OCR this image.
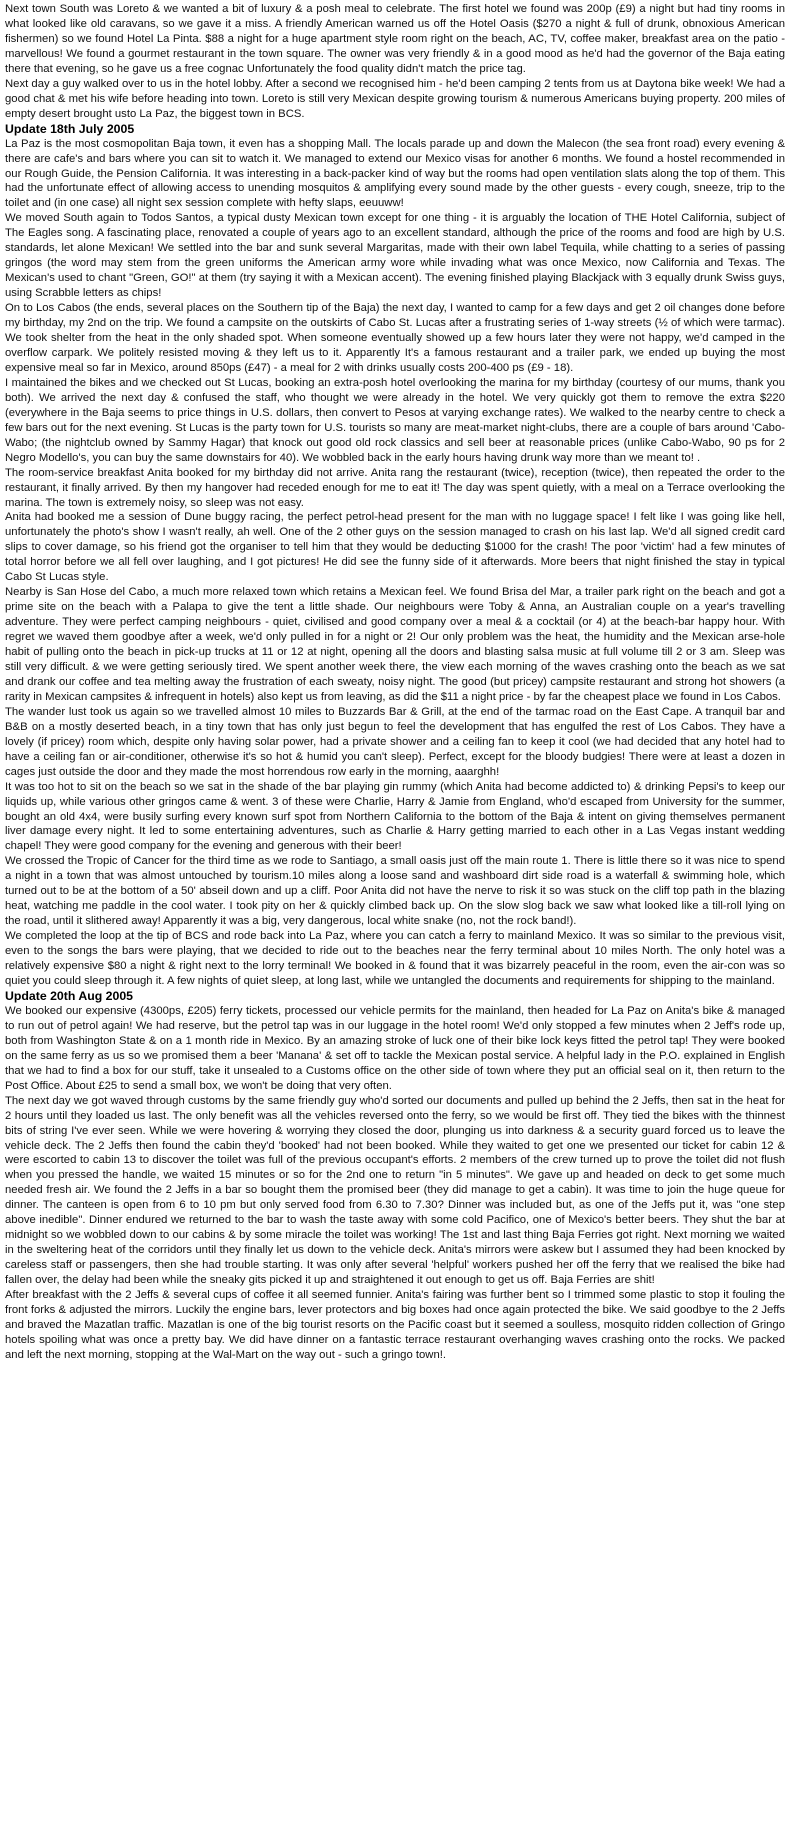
Next town South was Loreto & we wanted a bit of luxury & a posh meal to celebrate. The first hotel we found was 200p (£9) a night but had tiny rooms in what looked like old caravans, so we gave it a miss. A friendly American warned us off the Hotel Oasis ($270 a night & full of drunk, obnoxious American fishermen) so we found Hotel La Pinta. $88 a night for a huge apartment style room right on the beach, AC, TV, coffee maker, breakfast area on the patio - marvellous! We found a gourmet restaurant in the town square. The owner was very friendly & in a good mood as he'd had the governor of the Baja eating there that evening, so he gave us a free cognac Unfortunately the food quality didn't match the price tag.

Next day a guy walked over to us in the hotel lobby. After a second we recognised him - he'd been camping 2 tents from us at Daytona bike week! We had a good chat & met his wife before heading into town. Loreto is still very Mexican despite growing tourism & numerous Americans buying property. 200 miles of empty desert brought usto La Paz, the biggest town in BCS.

Update 18th July 2005

La Paz is the most cosmopolitan Baja town, it even has a shopping Mall. The locals parade up and down the Malecon (the sea front road) every evening & there are cafe's and bars where you can sit to watch it. We managed to extend our Mexico visas for another 6 months. We found a hostel recommended in our Rough Guide, the Pension California. It was interesting in a back-packer kind of way but the rooms had open ventilation slats along the top of them. This had the unfortunate effect of allowing access to unending mosquitos & amplifying every sound made by the other guests - every cough, sneeze, trip to the toilet and (in one case) all night sex session complete with hefty slaps, eeuuww!

We moved South again to Todos Santos, a typical dusty Mexican town except for one thing - it is arguably the location of THE Hotel California, subject of The Eagles song. A fascinating place, renovated a couple of years ago to an excellent standard, although the price of the rooms and food are high by U.S. standards, let alone Mexican! We settled into the bar and sunk several Margaritas, made with their own label Tequila, while chatting to a series of passing gringos (the word may stem from the green uniforms the American army wore while invading what was once Mexico, now California and Texas. The Mexican's used to chant "Green, GO!" at them (try saying it with a Mexican accent). The evening finished playing Blackjack with 3 equally drunk Swiss guys, using Scrabble letters as chips!

On to Los Cabos (the ends, several places on the Southern tip of the Baja) the next day, I wanted to camp for a few days and get 2 oil changes done before my birthday, my 2nd on the trip. We found a campsite on the outskirts of Cabo St. Lucas after a frustrating series of 1-way streets (½ of which were tarmac). We took shelter from the heat in the only shaded spot. When someone eventually showed up a few hours later they were not happy, we'd camped in the overflow carpark. We politely resisted moving & they left us to it. Apparently It's a famous restaurant and a trailer park, we ended up buying the most expensive meal so far in Mexico, around 850ps (£47) - a meal for 2 with drinks usually costs 200-400 ps (£9 - 18).

I maintained the bikes and we checked out St Lucas, booking an extra-posh hotel overlooking the marina for my birthday (courtesy of our mums, thank you both). We arrived the next day & confused the staff, who thought we were already in the hotel. We very quickly got them to remove the extra $220 (everywhere in the Baja seems to price things in U.S. dollars, then convert to Pesos at varying exchange rates). We walked to the nearby centre to check a few bars out for the next evening. St Lucas is the party town for U.S. tourists so many are meat-market night-clubs, there are a couple of bars around 'Cabo-Wabo; (the nightclub owned by Sammy Hagar) that knock out good old rock classics and sell beer at reasonable prices (unlike Cabo-Wabo, 90 ps for 2 Negro Modello's, you can buy the same downstairs for 40). We wobbled back in the early hours having drunk way more than we meant to! .

The room-service breakfast Anita booked for my birthday did not arrive. Anita rang the restaurant (twice), reception (twice), then repeated the order to the restaurant, it finally arrived. By then my hangover had receded enough for me to eat it! The day was spent quietly, with a meal on a Terrace overlooking the marina. The town is extremely noisy, so sleep was not easy.

Anita had booked me a session of Dune buggy racing, the perfect petrol-head present for the man with no luggage space! I felt like I was going like hell, unfortunately the photo's show I wasn't really, ah well. One of the 2 other guys on the session managed to crash on his last lap. We'd all signed credit card slips to cover damage, so his friend got the organiser to tell him that they would be deducting $1000 for the crash! The poor 'victim' had a few minutes of total horror before we all fell over laughing, and I got pictures! He did see the funny side of it afterwards. More beers that night finished the stay in typical Cabo St Lucas style.

Nearby is San Hose del Cabo, a much more relaxed town which retains a Mexican feel. We found Brisa del Mar, a trailer park right on the beach and got a prime site on the beach with a Palapa to give the tent a little shade. Our neighbours were Toby & Anna, an Australian couple on a year's travelling adventure. They were perfect camping neighbours - quiet, civilised and good company over a meal & a cocktail (or 4) at the beach-bar happy hour. With regret we waved them goodbye after a week, we'd only pulled in for a night or 2! Our only problem was the heat, the humidity and the Mexican arse-hole habit of pulling onto the beach in pick-up trucks at 11 or 12 at night, opening all the doors and blasting salsa music at full volume till 2 or 3 am. Sleep was still very difficult. & we were getting seriously tired. We spent another week there, the view each morning of the waves crashing onto the beach as we sat and drank our coffee and tea melting away the frustration of each sweaty, noisy night. The good (but pricey) campsite restaurant and strong hot showers (a rarity in Mexican campsites & infrequent in hotels) also kept us from leaving, as did the $11 a night price - by far the cheapest place we found in Los Cabos.

The wander lust took us again so we travelled almost 10 miles to Buzzards Bar & Grill, at the end of the tarmac road on the East Cape. A tranquil bar and B&B on a mostly deserted beach, in a tiny town that has only just begun to feel the development that has engulfed the rest of Los Cabos. They have a lovely (if pricey) room which, despite only having solar power, had a private shower and a ceiling fan to keep it cool (we had decided that any hotel had to have a ceiling fan or air-conditioner, otherwise it's so hot & humid you can't sleep). Perfect, except for the bloody budgies! There were at least a dozen in cages just outside the door and they made the most horrendous row early in the morning, aaarghh!

It was too hot to sit on the beach so we sat in the shade of the bar playing gin rummy (which Anita had become addicted to) & drinking Pepsi's to keep our liquids up, while various other gringos came & went. 3 of these were Charlie, Harry & Jamie from England, who'd escaped from University for the summer, bought an old 4x4, were busily surfing every known surf spot from Northern California to the bottom of the Baja & intent on giving themselves permanent liver damage every night. It led to some entertaining adventures, such as Charlie & Harry getting married to each other in a Las Vegas instant wedding chapel! They were good company for the evening and generous with their beer!

We crossed the Tropic of Cancer for the third time as we rode to Santiago, a small oasis just off the main route 1. There is little there so it was nice to spend a night in a town that was almost untouched by tourism.10 miles along a loose sand and washboard dirt side road is a waterfall & swimming hole, which turned out to be at the bottom of a 50' abseil down and up a cliff. Poor Anita did not have the nerve to risk it so was stuck on the cliff top path in the blazing heat, watching me paddle in the cool water. I took pity on her & quickly climbed back up. On the slow slog back we saw what looked like a till-roll lying on the road, until it slithered away! Apparently it was a big, very dangerous, local white snake (no, not the rock band!).

We completed the loop at the tip of BCS and rode back into La Paz, where you can catch a ferry to mainland Mexico. It was so similar to the previous visit, even to the songs the bars were playing, that we decided to ride out to the beaches near the ferry terminal about 10 miles North. The only hotel was a relatively expensive $80 a night & right next to the lorry terminal! We booked in & found that it was bizarrely peaceful in the room, even the air-con was so quiet you could sleep through it. A few nights of quiet sleep, at long last, while we untangled the documents and requirements for shipping to the mainland.

Update 20th Aug 2005

We booked our expensive (4300ps, £205) ferry tickets, processed our vehicle permits for the mainland, then headed for La Paz on Anita's bike & managed to run out of petrol again! We had reserve, but the petrol tap was in our luggage in the hotel room! We'd only stopped a few minutes when 2 Jeff's rode up, both from Washington State & on a 1 month ride in Mexico. By an amazing stroke of luck one of their bike lock keys fitted the petrol tap! They were booked on the same ferry as us so we promised them a beer 'Manana' & set off to tackle the Mexican postal service. A helpful lady in the P.O. explained in English that we had to find a box for our stuff, take it unsealed to a Customs office on the other side of town where they put an official seal on it, then return to the Post Office. About £25 to send a small box, we won't be doing that very often.

The next day we got waved through customs by the same friendly guy who'd sorted our documents and pulled up behind the 2 Jeffs, then sat in the heat for 2 hours until they loaded us last. The only benefit was all the vehicles reversed onto the ferry, so we would be first off. They tied the bikes with the thinnest bits of string I've ever seen. While we were hovering & worrying they closed the door, plunging us into darkness & a security guard forced us to leave the vehicle deck. The 2 Jeffs then found the cabin they'd 'booked' had not been booked. While they waited to get one we presented our ticket for cabin 12 & were escorted to cabin 13 to discover the toilet was full of the previous occupant's efforts. 2 members of the crew turned up to prove the toilet did not flush when you pressed the handle, we waited 15 minutes or so for the 2nd one to return "in 5 minutes". We gave up and headed on deck to get some much needed fresh air. We found the 2 Jeffs in a bar so bought them the promised beer (they did manage to get a cabin). It was time to join the huge queue for dinner. The canteen is open from 6 to 10 pm but only served food from 6.30 to 7.30? Dinner was included but, as one of the Jeffs put it, was "one step above inedible". Dinner endured we returned to the bar to wash the taste away with some cold Pacifico, one of Mexico's better beers. They shut the bar at midnight so we wobbled down to our cabins & by some miracle the toilet was working! The 1st and last thing Baja Ferries got right. Next morning we waited in the sweltering heat of the corridors until they finally let us down to the vehicle deck. Anita's mirrors were askew but I assumed they had been knocked by careless staff or passengers, then she had trouble starting. It was only after several 'helpful' workers pushed her off the ferry that we realised the bike had fallen over, the delay had been while the sneaky gits picked it up and straightened it out enough to get us off. Baja Ferries are shit!

After breakfast with the 2 Jeffs & several cups of coffee it all seemed funnier. Anita's fairing was further bent so I trimmed some plastic to stop it fouling the front forks & adjusted the mirrors. Luckily the engine bars, lever protectors and big boxes had once again protected the bike. We said goodbye to the 2 Jeffs and braved the Mazatlan traffic. Mazatlan is one of the big tourist resorts on the Pacific coast but it seemed a soulless, mosquito ridden collection of Gringo hotels spoiling what was once a pretty bay. We did have dinner on a fantastic terrace restaurant overhanging waves crashing onto the rocks. We packed and left the next morning, stopping at the Wal-Mart on the way out - such a gringo town!.
